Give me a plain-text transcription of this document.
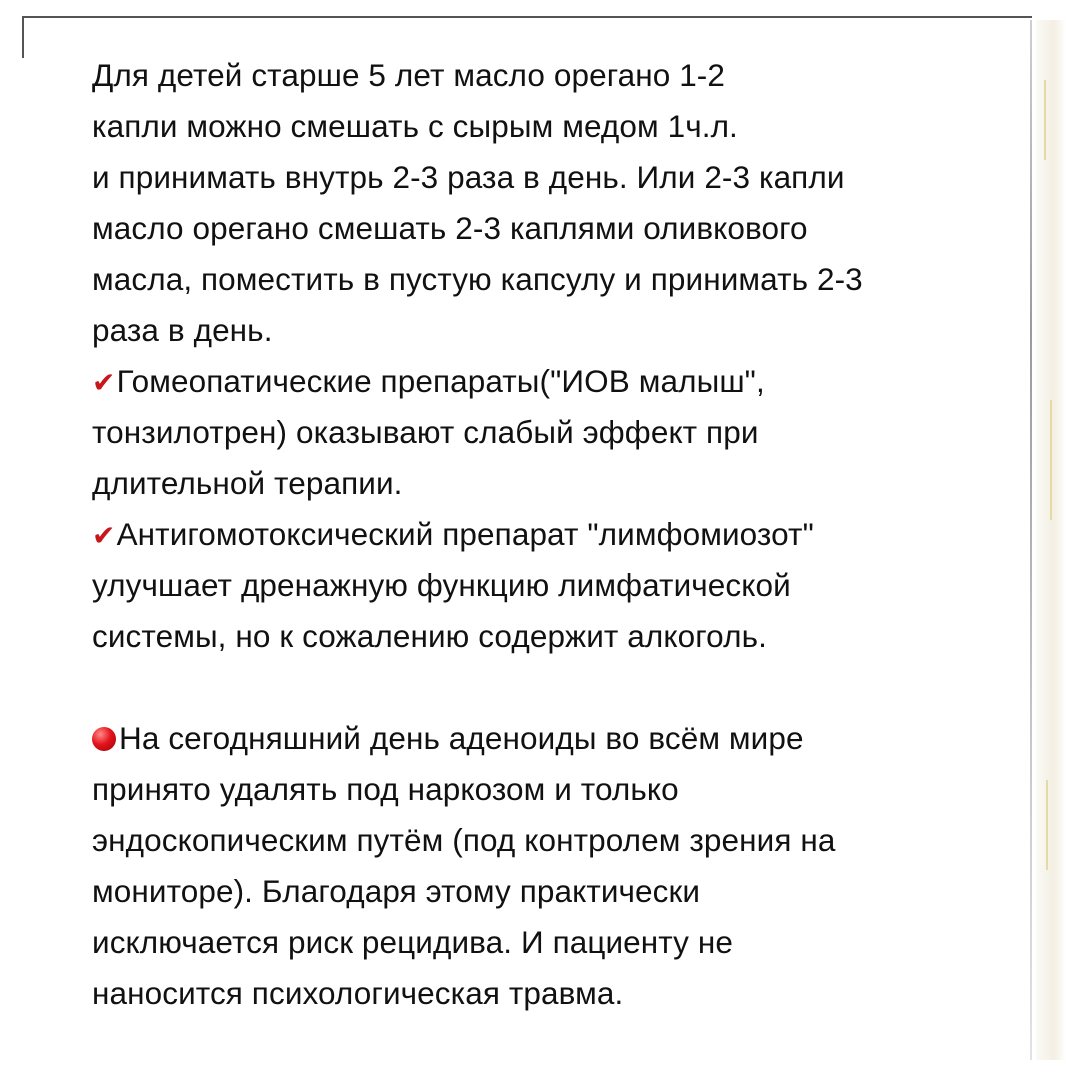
Для детей старше 5 лет масло орегано 1-2
капли можно смешать с сырым медом 1ч.л.
и принимать внутрь 2-3 раза в день. Или 2-3 капли
масло орегано смешать 2-3 каплями оливкового
масла, поместить в пустую капсулу и принимать 2-3
раза в день.
✔Гомеопатические препараты("ИОВ малыш",
тонзилотрен) оказывают слабый эффект при
длительной терапии.
✔Антигомотоксический препарат "лимфомиозот"
улучшает дренажную функцию лимфатической
системы, но к сожалению содержит алкоголь.
На сегодняшний день аденоиды во всём мире
принято удалять под наркозом и только
эндоскопическим путём (под контролем зрения на
мониторе). Благодаря этому практически
исключается риск рецидива. И пациенту не
наносится психологическая травма.
